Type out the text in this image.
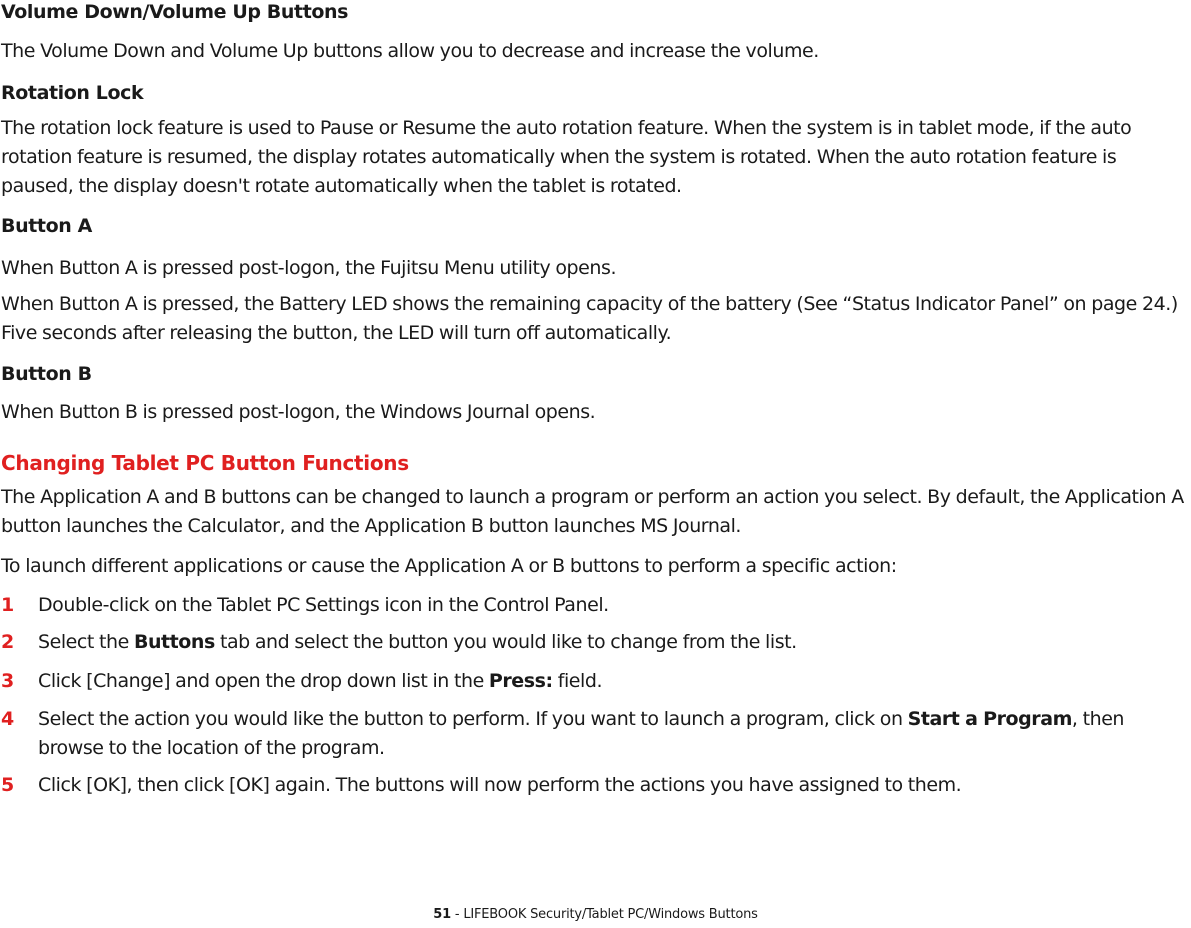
Volume Down/Volume Up Buttons
The Volume Down and Volume Up buttons allow you to decrease and increase the volume.
Rotation Lock
The rotation lock feature is used to Pause or Resume the auto rotation feature. When the system is in tablet mode, if the auto rotation feature is resumed, the display rotates automatically when the system is rotated. When the auto rotation feature is paused, the display doesn't rotate automatically when the tablet is rotated.
Button A
When Button A is pressed post-logon, the Fujitsu Menu utility opens.
When Button A is pressed, the Battery LED shows the remaining capacity of the battery (See “Status Indicator Panel” on page 24.) Five seconds after releasing the button, the LED will turn off automatically.
Button B
When Button B is pressed post-logon, the Windows Journal opens.
Changing Tablet PC Button Functions
The Application A and B buttons can be changed to launch a program or perform an action you select. By default, the Application A button launches the Calculator, and the Application B button launches MS Journal.
To launch different applications or cause the Application A or B buttons to perform a specific action:
1	Double-click on the Tablet PC Settings icon in the Control Panel.
2	Select the Buttons tab and select the button you would like to change from the list.
3	Click [Change] and open the drop down list in the Press: field.
4	Select the action you would like the button to perform. If you want to launch a program, click on Start a Program, then browse to the location of the program.
5	Click [OK], then click [OK] again. The buttons will now perform the actions you have assigned to them.
51 - LIFEBOOK Security/Tablet PC/Windows Buttons
